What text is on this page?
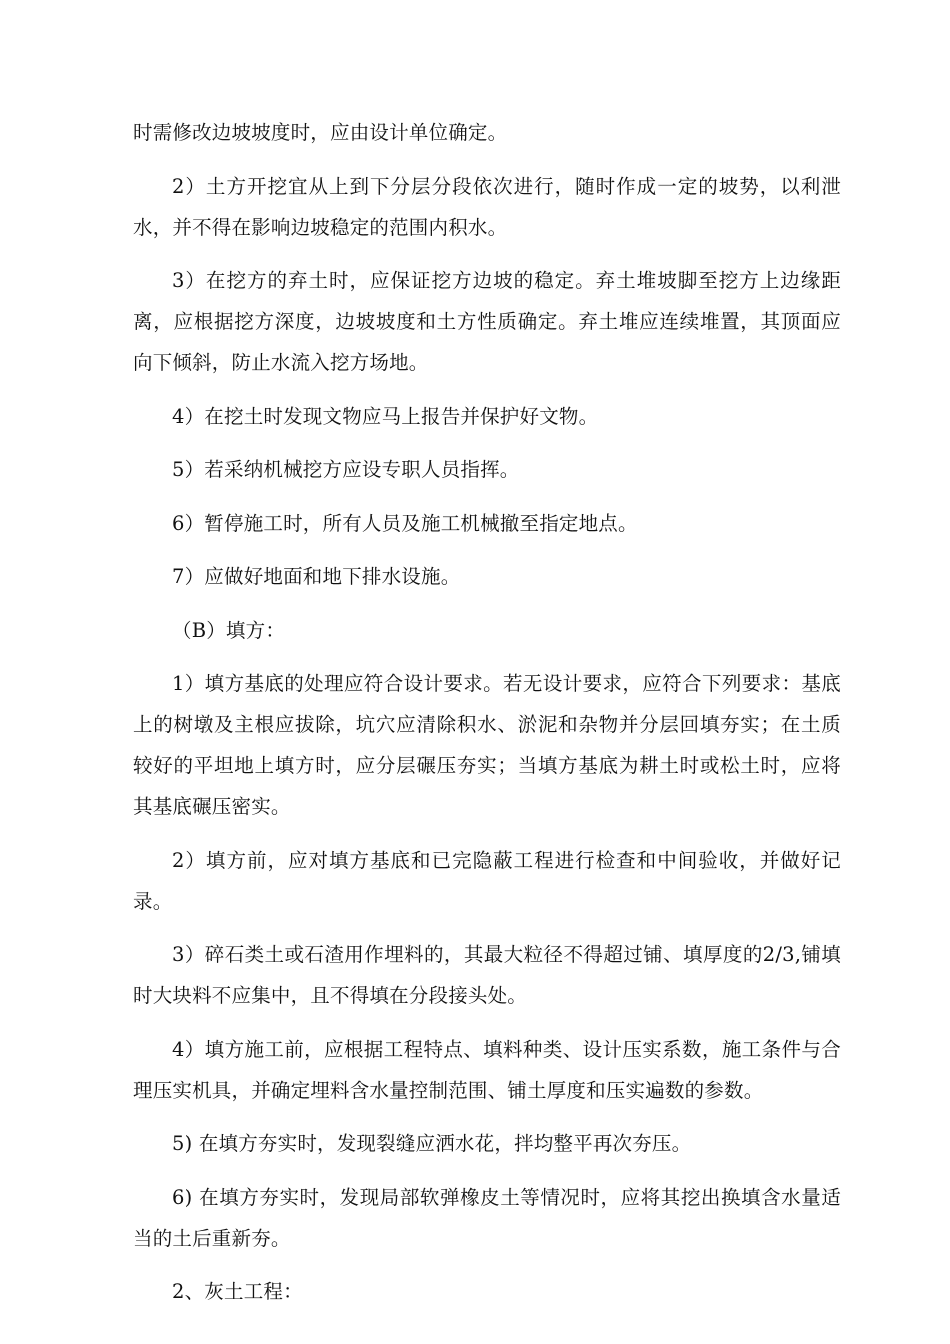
时需修改边坡坡度时，应由设计单位确定。

2）土方开挖宜从上到下分层分段依次进行，随时作成一定的坡势，以利泄水，并不得在影响边坡稳定的范围内积水。

3）在挖方的弃土时，应保证挖方边坡的稳定。弃土堆坡脚至挖方上边缘距离，应根据挖方深度，边坡坡度和土方性质确定。弃土堆应连续堆置，其顶面应向下倾斜，防止水流入挖方场地。

4）在挖土时发现文物应马上报告并保护好文物。

5）若采纳机械挖方应设专职人员指挥。

6）暂停施工时，所有人员及施工机械撤至指定地点。

7）应做好地面和地下排水设施。

（B）填方：

1）填方基底的处理应符合设计要求。若无设计要求，应符合下列要求：基底上的树墩及主根应拔除，坑穴应清除积水、淤泥和杂物并分层回填夯实；在土质较好的平坦地上填方时，应分层碾压夯实；当填方基底为耕土时或松土时，应将其基底碾压密实。

2）填方前，应对填方基底和已完隐蔽工程进行检查和中间验收，并做好记录。

3）碎石类土或石渣用作埋料的，其最大粒径不得超过铺、填厚度的2/3,铺填时大块料不应集中，且不得填在分段接头处。

4）填方施工前，应根据工程特点、填料种类、设计压实系数，施工条件与合理压实机具，并确定埋料含水量控制范围、铺土厚度和压实遍数的参数。

5) 在填方夯实时，发现裂缝应洒水花，拌均整平再次夯压。

6) 在填方夯实时，发现局部软弹橡皮土等情况时，应将其挖出换填含水量适当的土后重新夯。

2、灰土工程：
